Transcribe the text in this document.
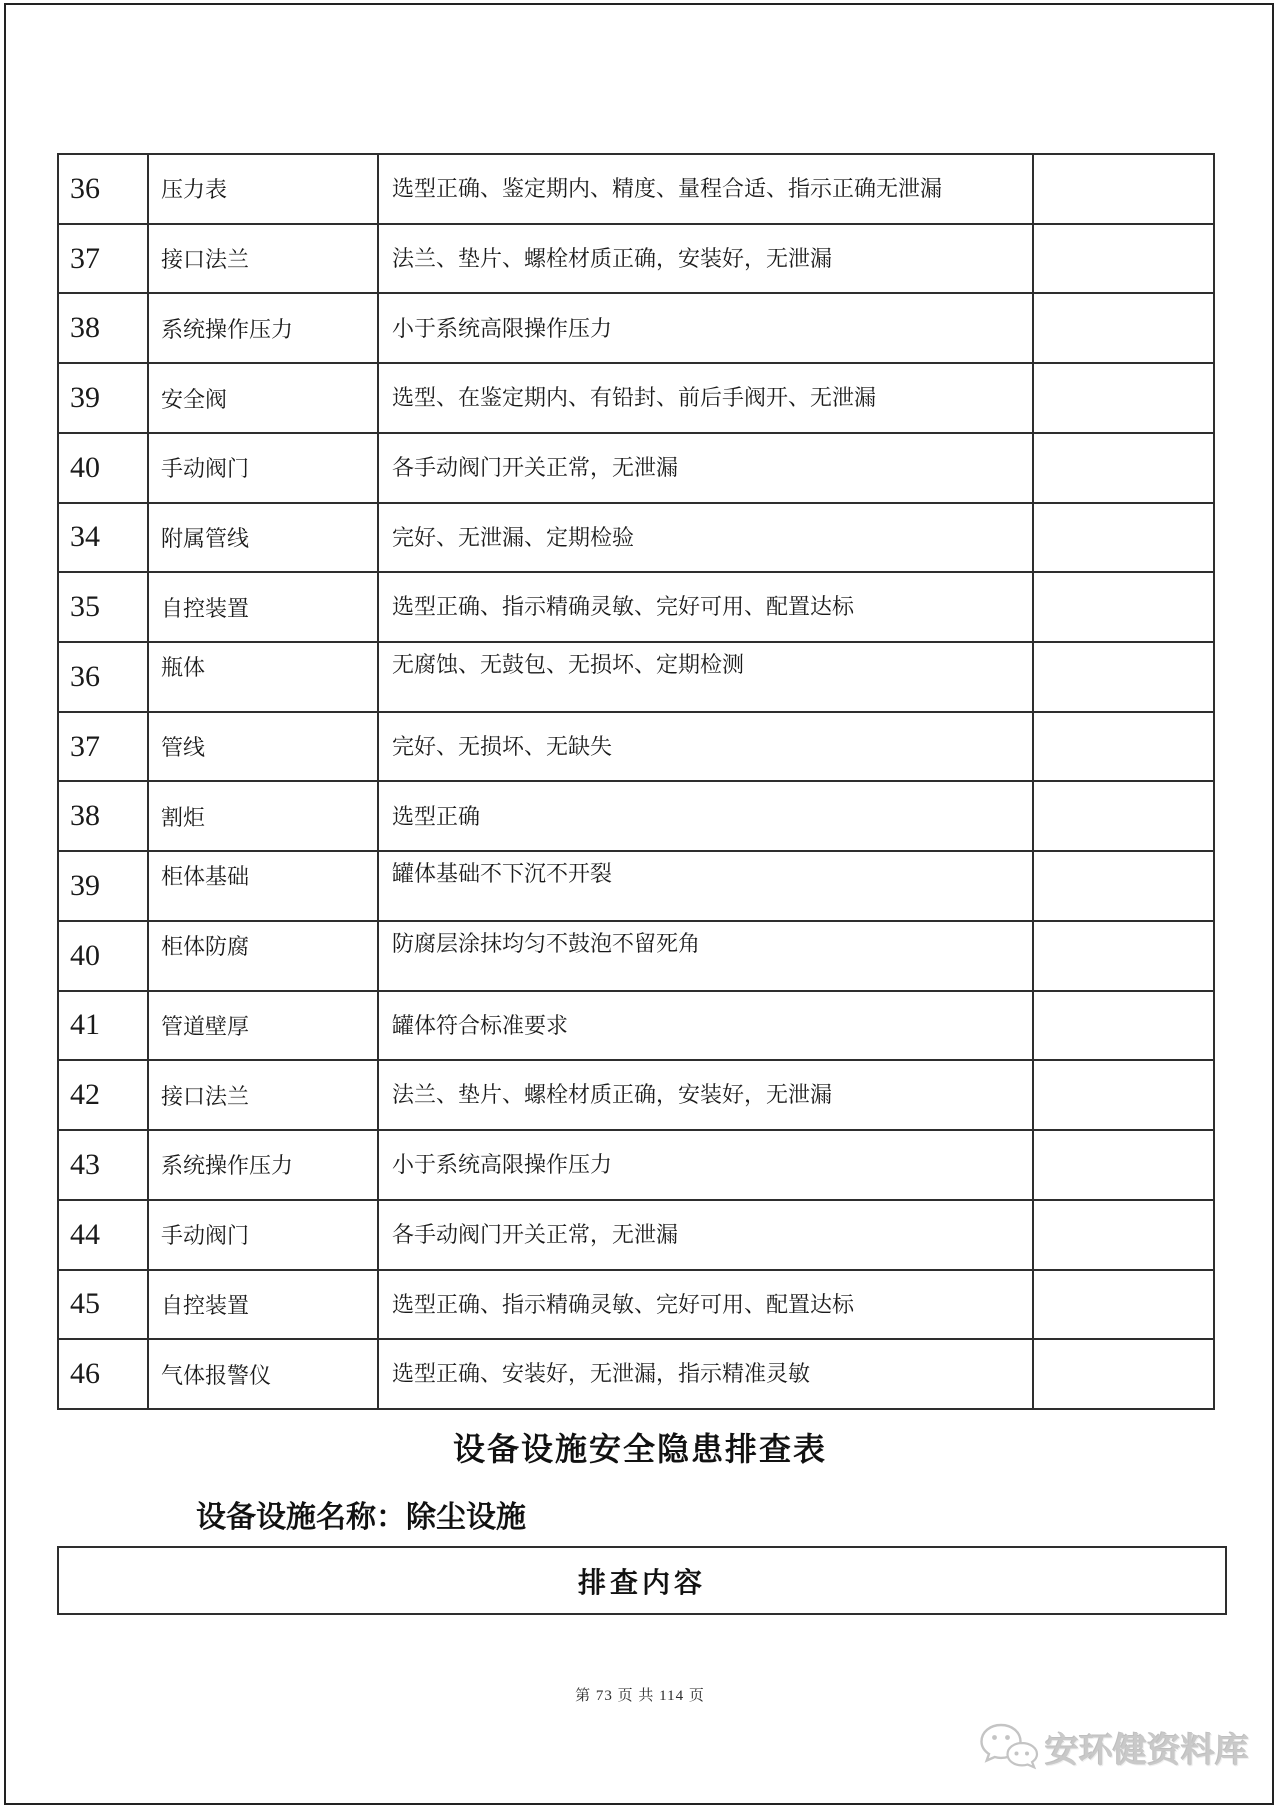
36	压力表	选型正确、鉴定期内、精度、量程合适、指示正确无泄漏
37	接口法兰	法兰、垫片、螺栓材质正确，安装好，无泄漏
38	系统操作压力	小于系统高限操作压力
39	安全阀	选型、在鉴定期内、有铅封、前后手阀开、无泄漏
40	手动阀门	各手动阀门开关正常，无泄漏
34	附属管线	完好、无泄漏、定期检验
35	自控装置	选型正确、指示精确灵敏、完好可用、配置达标
36	瓶体	无腐蚀、无鼓包、无损坏、定期检测
37	管线	完好、无损坏、无缺失
38	割炬	选型正确
39	柜体基础	罐体基础不下沉不开裂
40	柜体防腐	防腐层涂抹均匀不鼓泡不留死角
41	管道壁厚	罐体符合标准要求
42	接口法兰	法兰、垫片、螺栓材质正确，安装好，无泄漏
43	系统操作压力	小于系统高限操作压力
44	手动阀门	各手动阀门开关正常，无泄漏
45	自控装置	选型正确、指示精确灵敏、完好可用、配置达标
46	气体报警仪	选型正确、安装好，无泄漏，指示精准灵敏
设备设施安全隐患排查表
设备设施名称：除尘设施
排查内容
第 73 页 共 114 页
安环健资料库
